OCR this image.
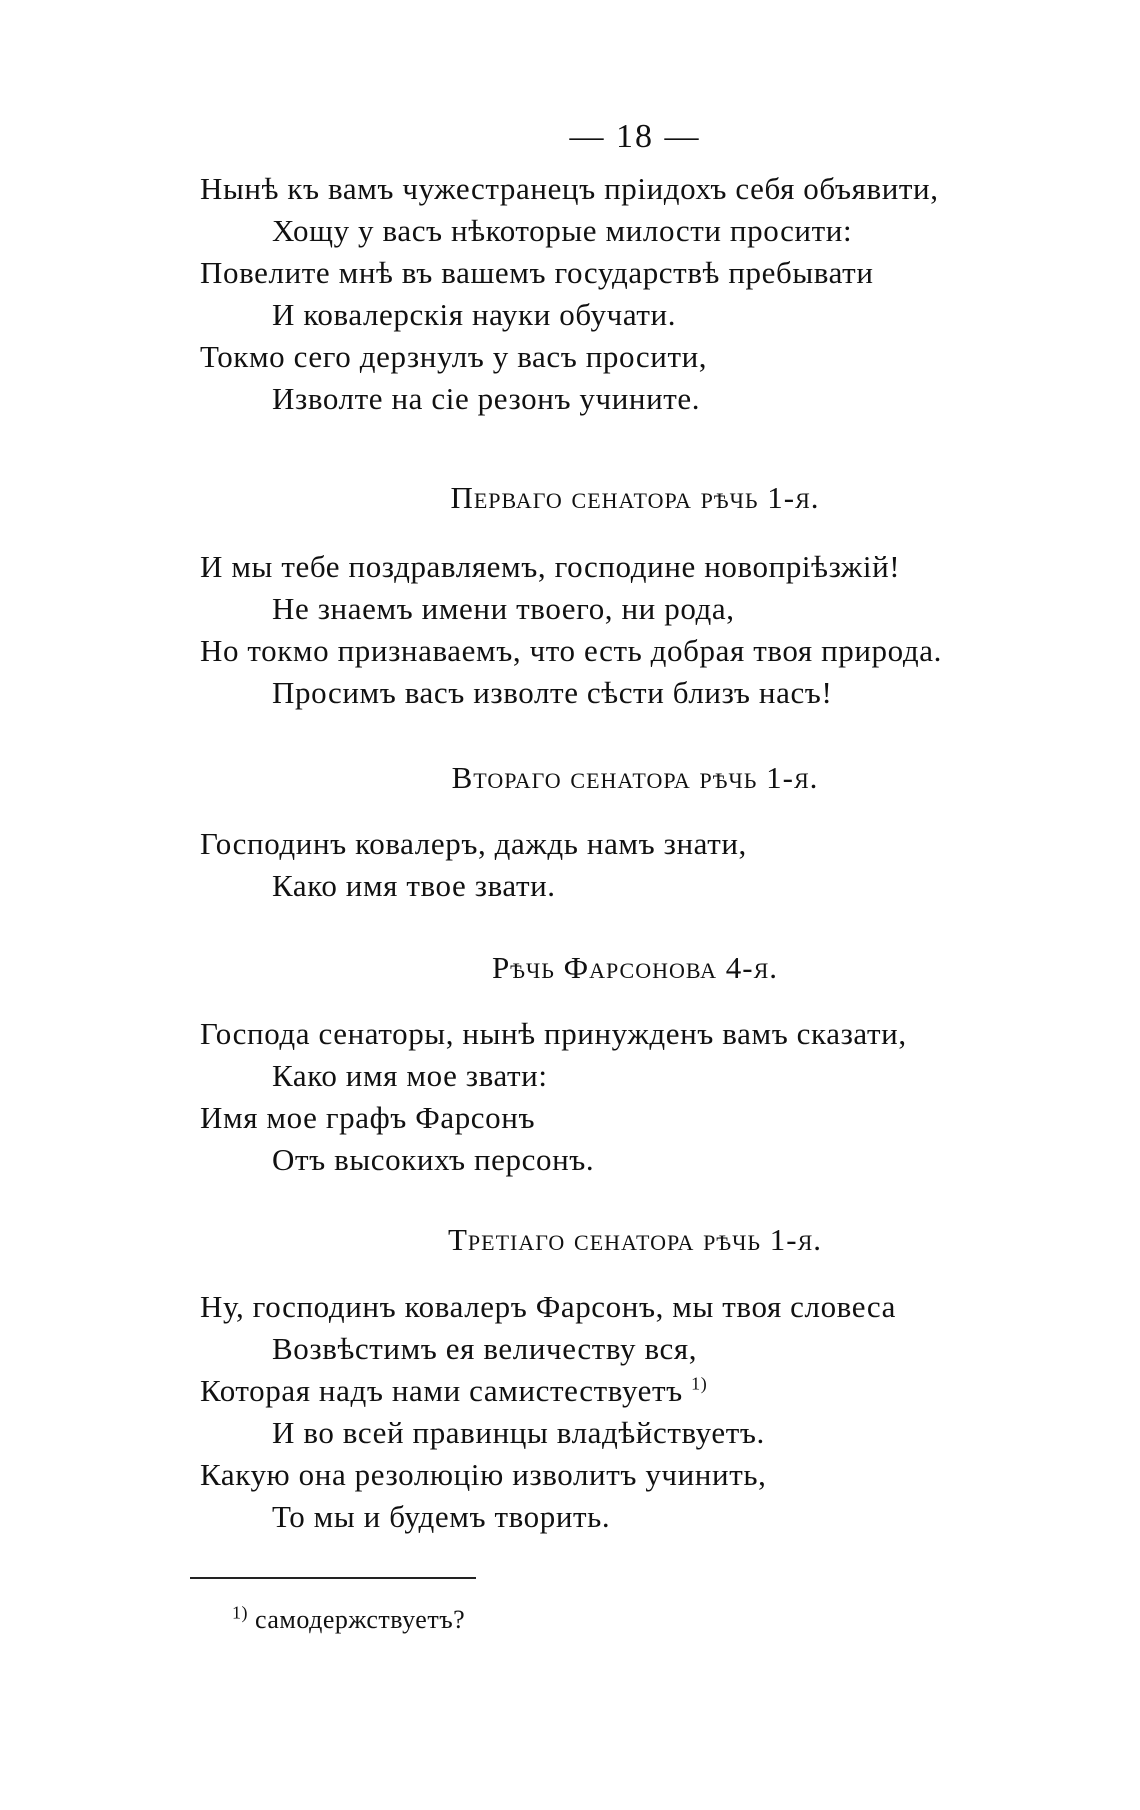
— 18 —
Нынѣ къ вамъ чужестранецъ пріидохъ себя объявити,
Хощу у васъ нѣкоторые милости просити:
Повелите мнѣ въ вашемъ государствѣ пребывати
И ковалерскія науки обучати.
Токмо сего дерзнулъ у васъ просити,
Изволте на сіе резонъ учините.
Перваго сенатора рѣчь 1-я.
И мы тебе поздравляемъ, господине новопріѣзжій!
Не знаемъ имени твоего, ни рода,
Но токмо признаваемъ, что есть добрая твоя природа.
Просимъ васъ изволте сѣсти близъ насъ!
Втораго сенатора рѣчь 1-я.
Господинъ ковалеръ, даждь намъ знати,
Како имя твое звати.
Рѣчь Фарсонова 4-я.
Господа сенаторы, нынѣ принужденъ вамъ сказати,
Како имя мое звати:
Имя мое графъ Фарсонъ
Отъ высокихъ персонъ.
Третіаго сенатора рѣчь 1-я.
Ну, господинъ ковалеръ Фарсонъ, мы твоя словеса
Возвѣстимъ ея величеству вся,
Которая надъ нами самистествуетъ $^{1)}$
И во всей правинцы владѣйствуетъ.
Какую она резолюцію изволитъ учинить,
То мы и будемъ творить.
$^{1)}$ самодержствуетъ?
